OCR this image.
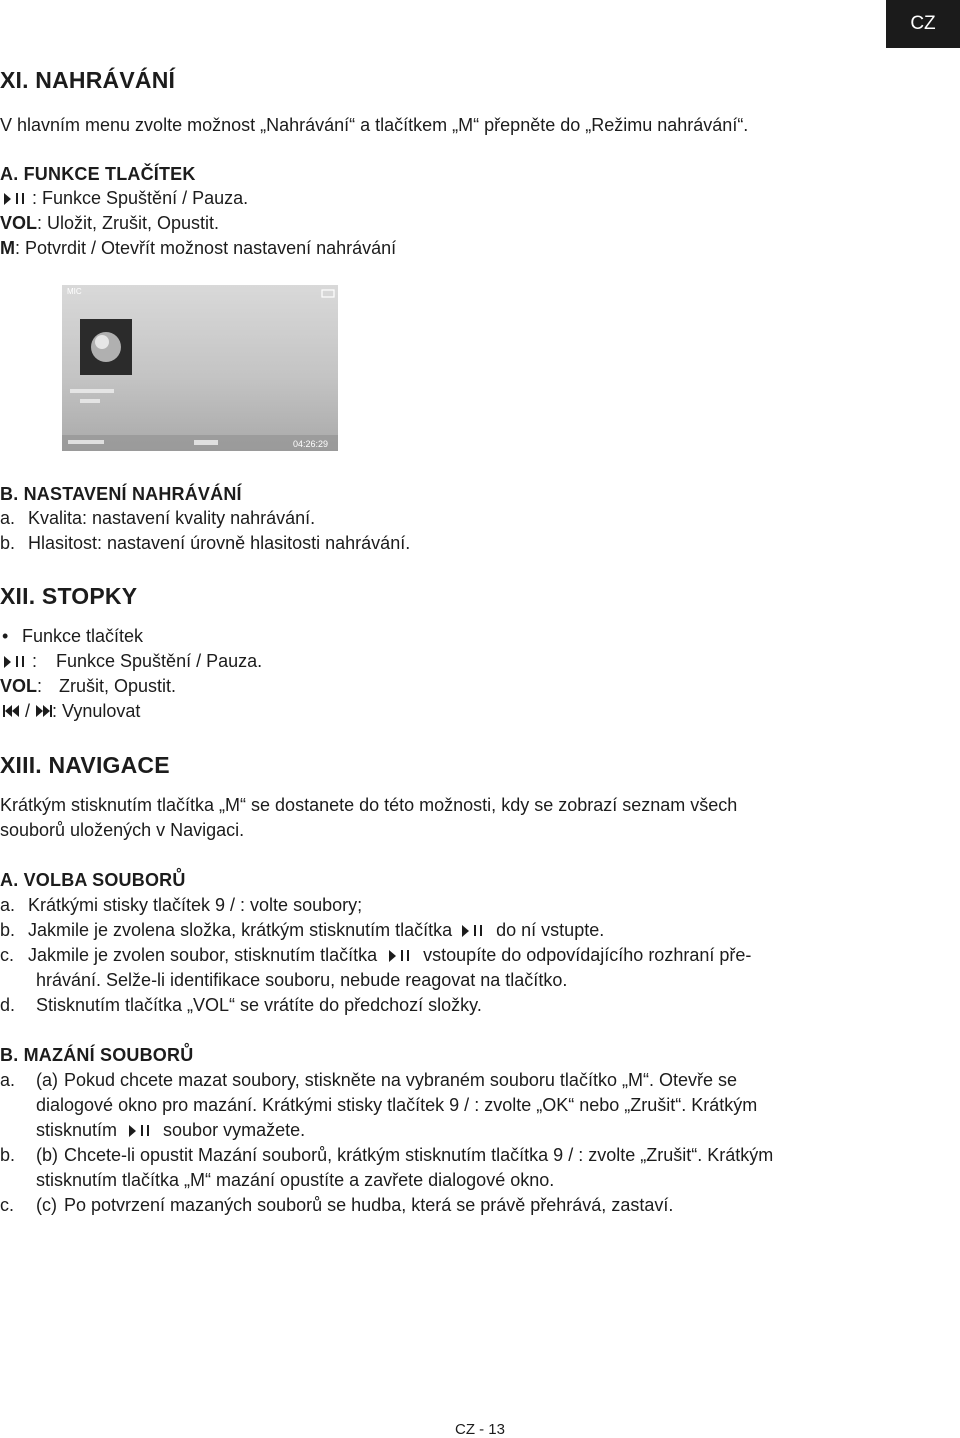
CZ
XI. NAHRÁVÁNÍ
V hlavním menu zvolte možnost „Nahrávání“ a tlačítkem „M“ přepněte do „Režimu nahrávání“.
A. FUNKCE TLAČÍTEK
: Funkce Spuštění / Pauza.
VOL: Uložit, Zrušit, Opustit.
M: Potvrdit / Otevřít možnost nastavení nahrávání
MIC
04:26:29
B. NASTAVENÍ NAHRÁVÁNÍ
a. Kvalita: nastavení kvality nahrávání.
b. Hlasitost: nastavení úrovně hlasitosti nahrávání.
XII. STOPKY
• Funkce tlačítek
:	Funkce Spuštění / Pauza.
VOL : Zrušit, Opustit.
/ : Vynulovat
XIII. NAVIGACE
Krátkým stisknutím tlačítka „M“ se dostanete do této možnosti, kdy se zobrazí seznam všech
souborů uložených v Navigaci.
A. VOLBA SOUBORŮ
a. Krátkými stisky tlačítek 9 / : volte soubory;
b. Jakmile je zvolena složka, krátkým stisknutím tlačítka do ní vstupte.
c. Jakmile je zvolen soubor, stisknutím tlačítka	vstoupíte do odpovídajícího rozhraní pře-
hrávání. Selže-li identifikace souboru, nebude reagovat na tlačítko.
d.	Stisknutím tlačítka „VOL“ se vrátíte do předchozí složky.
B. MAZÁNÍ SOUBORŮ
a.	(a) Pokud chcete mazat soubory, stiskněte na vybraném souboru tlačítko „M“. Otevře se
dialogové okno pro mazání. Krátkými stisky tlačítek 9 / : zvolte „OK“ nebo „Zrušit“. Krátkým
stisknutím	soubor vymažete.
b.	(b) Chcete-li opustit Mazání souborů, krátkým stisknutím tlačítka 9 / : zvolte „Zrušit“. Krátkým
stisknutím tlačítka „M“ mazání opustíte a zavřete dialogové okno.
c.	(c) Po potvrzení mazaných souborů se hudba, která se právě přehrává, zastaví.
CZ - 13
